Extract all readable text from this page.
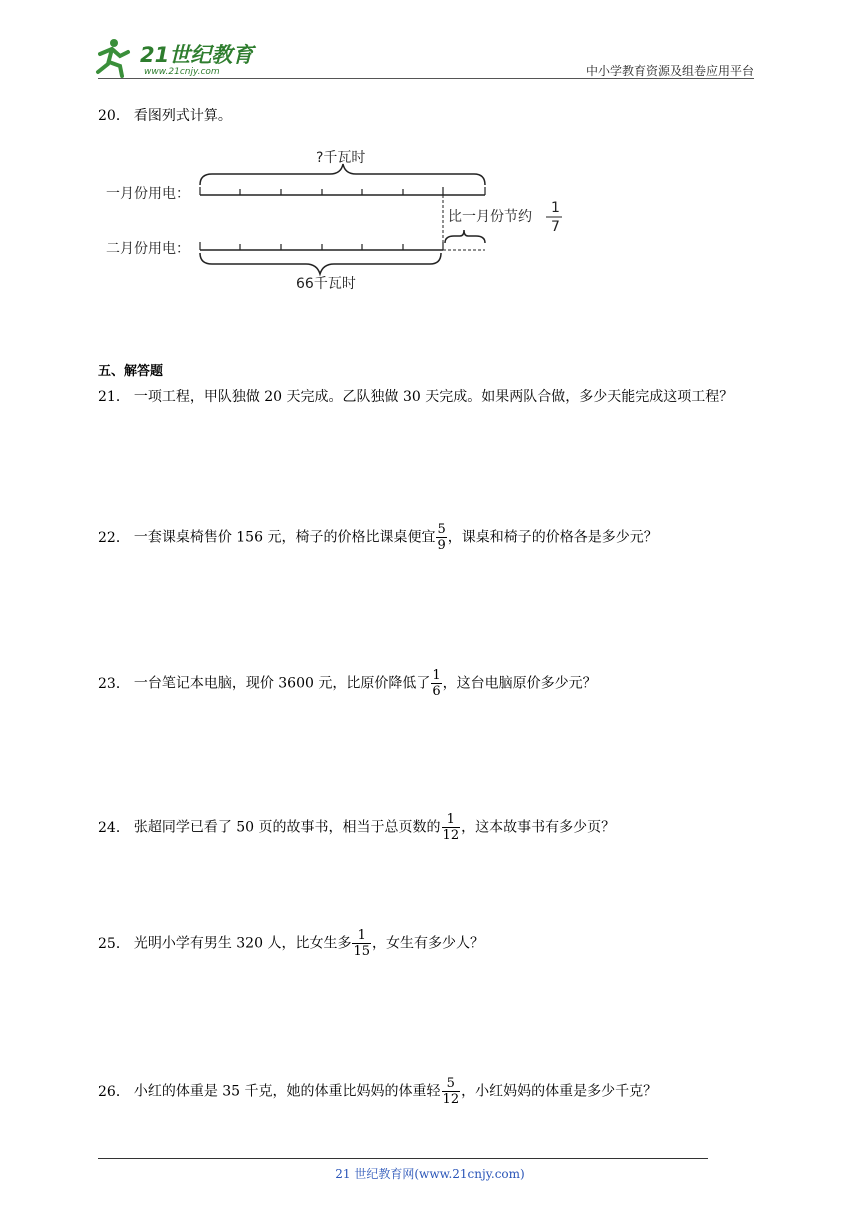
21世纪教育
www.21cnjy.com	中小学教育资源及组卷应用平台
20． 看图列式计算。
?千瓦时
一月份用电：
比一月份节约
1
7
二月份用电：
66千瓦时
五、解答题
21． 一项工程，甲队独做 20 天完成。乙队独做 30 天完成。如果两队合做，多少天能完成这项工程？
22． 一套课桌椅售价 156 元，椅子的价格比课桌便宜 $\frac{5}{9}$ ，课桌和椅子的价格各是多少元？
23． 一台笔记本电脑，现价 3600 元，比原价降低了 $\frac{1}{6}$ ，这台电脑原价多少元？
24． 张超同学已看了 50 页的故事书，相当于总页数的 $\frac{1}{12}$ ，这本故事书有多少页？
25． 光明小学有男生 320 人，比女生多 $\frac{1}{15}$ ，女生有多少人？
26． 小红的体重是 35 千克，她的体重比妈妈的体重轻 $\frac{5}{12}$ ，小红妈妈的体重是多少千克？
21 世纪教育网(www.21cnjy.com)
